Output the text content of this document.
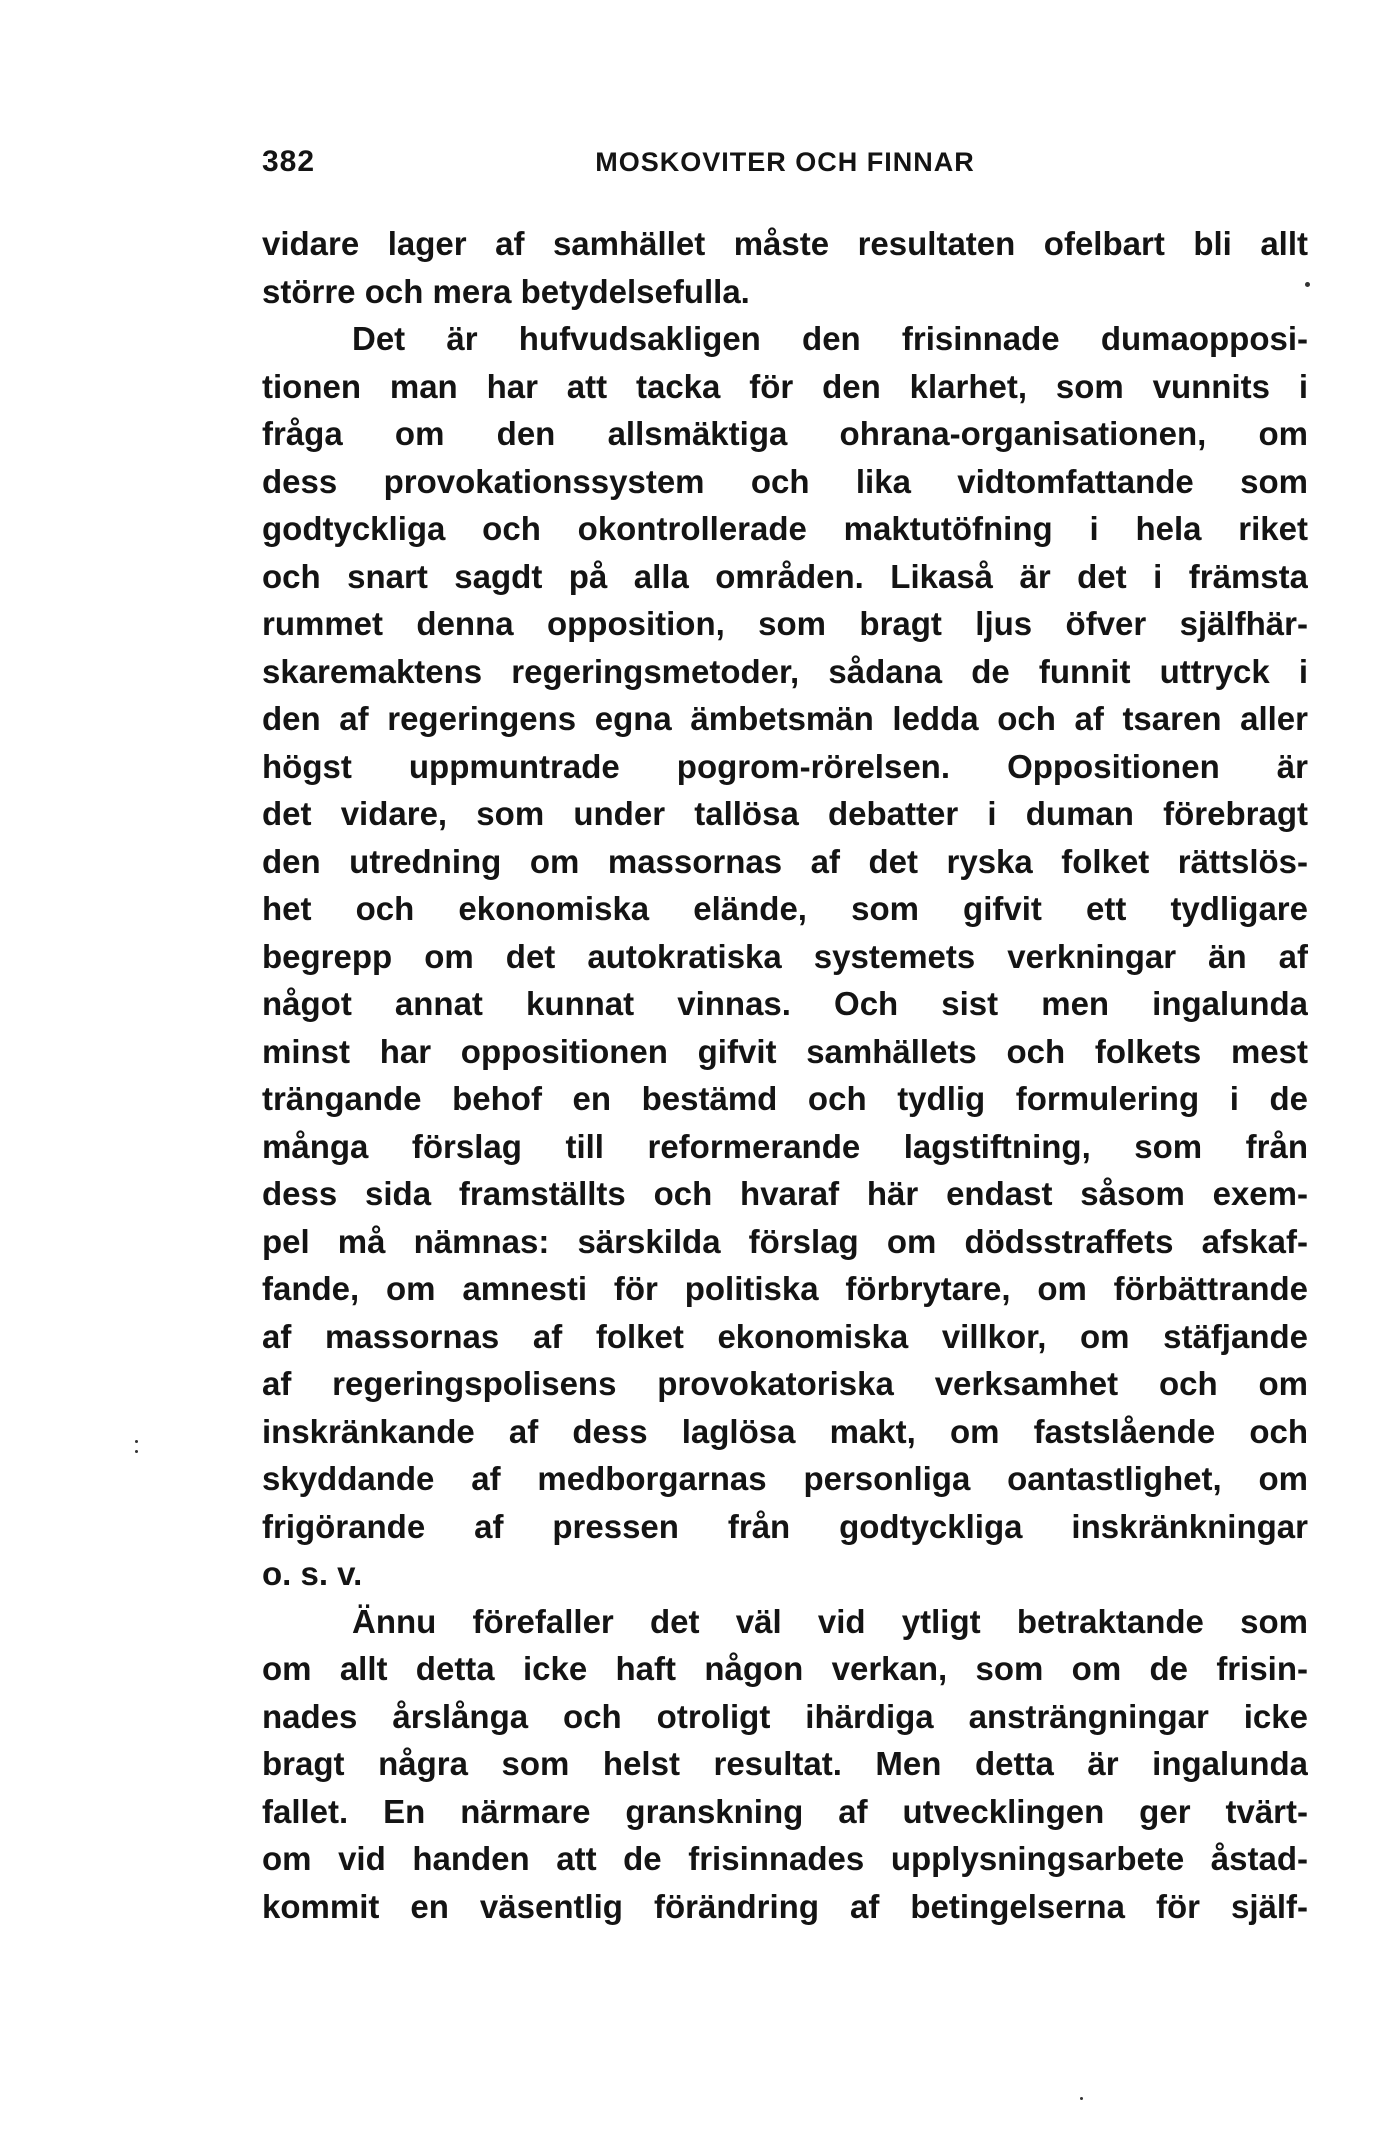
382	MOSKOVITER OCH FINNAR
vidare lager af samhället måste resultaten ofelbart bli allt
större och mera betydelsefulla.
Det är hufvudsakligen den frisinnade dumaopposi-
tionen man har att tacka för den klarhet, som vunnits i
fråga om den allsmäktiga ohrana-organisationen, om
dess provokationssystem och lika vidtomfattande som
godtyckliga och okontrollerade maktutöfning i hela riket
och snart sagdt på alla områden. Likaså är det i främsta
rummet denna opposition, som bragt ljus öfver själfhär-
skaremaktens regeringsmetoder, sådana de funnit uttryck i
den af regeringens egna ämbetsmän ledda och af tsaren aller
högst uppmuntrade pogrom-rörelsen. Oppositionen är
det vidare, som under tallösa debatter i duman förebragt
den utredning om massornas af det ryska folket rättslös-
het och ekonomiska elände, som gifvit ett tydligare
begrepp om det autokratiska systemets verkningar än af
något annat kunnat vinnas. Och sist men ingalunda
minst har oppositionen gifvit samhällets och folkets mest
trängande behof en bestämd och tydlig formulering i de
många förslag till reformerande lagstiftning, som från
dess sida framställts och hvaraf här endast såsom exem-
pel må nämnas: särskilda förslag om dödsstraffets afskaf-
fande, om amnesti för politiska förbrytare, om förbättrande
af massornas af folket ekonomiska villkor, om stäfjande
af regeringspolisens provokatoriska verksamhet och om
inskränkande af dess laglösa makt, om fastslående och
skyddande af medborgarnas personliga oantastlighet, om
frigörande af pressen från godtyckliga inskränkningar
o. s. v.
Ännu förefaller det väl vid ytligt betraktande som
om allt detta icke haft någon verkan, som om de frisin-
nades årslånga och otroligt ihärdiga ansträngningar icke
bragt några som helst resultat. Men detta är ingalunda
fallet. En närmare granskning af utvecklingen ger tvärt-
om vid handen att de frisinnades upplysningsarbete åstad-
kommit en väsentlig förändring af betingelserna för själf-
